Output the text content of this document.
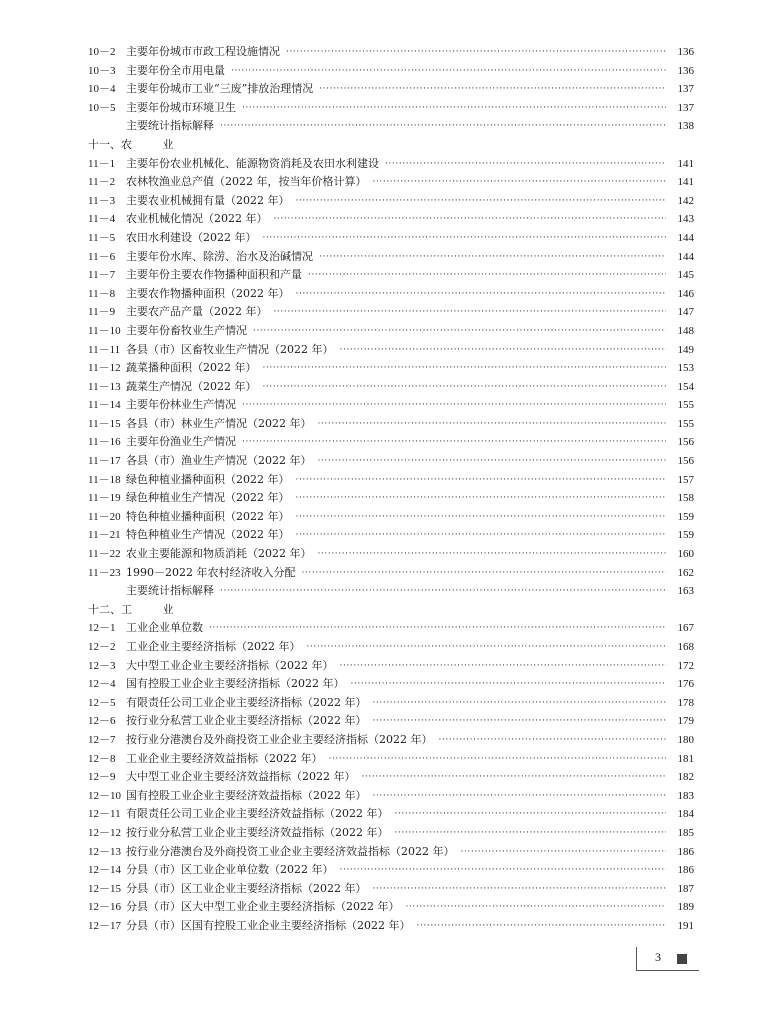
10－2 主要年份城市市政工程设施情况 ·····	136
10－3 主要年份全市用电量 ·····	136
10－4 主要年份城市工业“三废”排放治理情况 ·····	137
10－5 主要年份城市环境卫生 ·····	137
主要统计指标解释 ·····	138
十一、 农	业
11－1 主要年份农业机械化、能源物资消耗及农田水利建设 ·····	141
11－2 农林牧渔业总产值（2022 年，按当年价格计算） ·····	141
11－3 主要农业机械拥有量（2022 年） ·····	142
11－4 农业机械化情况（2022 年） ·····	143
11－5 农田水利建设（2022 年） ·····	144
11－6 主要年份水库、除涝、治水及治碱情况 ·····	144
11－7 主要年份主要农作物播种面积和产量 ·····	145
11－8 主要农作物播种面积（2022 年） ·····	146
11－9 主要农产品产量（2022 年） ·····	147
11－10 主要年份畜牧业生产情况 ·····	148
11－11 各县（市）区畜牧业生产情况（2022 年） ·····	149
11－12 蔬菜播种面积（2022 年） ·····	153
11－13 蔬菜生产情况（2022 年） ·····	154
11－14 主要年份林业生产情况 ·····	155
11－15 各县（市）林业生产情况（2022 年） ·····	155
11－16 主要年份渔业生产情况 ·····	156
11－17 各县（市）渔业生产情况（2022 年） ·····	156
11－18 绿色种植业播种面积（2022 年） ·····	157
11－19 绿色种植业生产情况（2022 年） ·····	158
11－20 特色种植业播种面积（2022 年） ·····	159
11－21 特色种植业生产情况（2022 年） ·····	159
11－22 农业主要能源和物质消耗（2022 年） ·····	160
11－23 1990－2022 年农村经济收入分配 ·····	162
主要统计指标解释 ·····	163
十二、 工	业
12－1 工业企业单位数 ·····	167
12－2 工业企业主要经济指标（2022 年） ·····	168
12－3 大中型工业企业主要经济指标（2022 年） ·····	172
12－4 国有控股工业企业主要经济指标（2022 年） ·····	176
12－5 有限责任公司工业企业主要经济指标（2022 年） ·····	178
12－6 按行业分私营工业企业主要经济指标（2022 年） ·····	179
12－7 按行业分港澳台及外商投资工业企业主要经济指标（2022 年） ·····	180
12－8 工业企业主要经济效益指标（2022 年） ·····	181
12－9 大中型工业企业主要经济效益指标（2022 年） ·····	182
12－10 国有控股工业企业主要经济效益指标（2022 年） ·····	183
12－11 有限责任公司工业企业主要经济效益指标（2022 年） ·····	184
12－12 按行业分私营工业企业主要经济效益指标（2022 年） ·····	185
12－13 按行业分港澳台及外商投资工业企业主要经济效益指标（2022 年） ·····	186
12－14 分县（市）区工业企业单位数（2022 年） ·····	186
12－15 分县（市）区工业企业主要经济指标（2022 年） ·····	187
12－16 分县（市）区大中型工业企业主要经济指标（2022 年） ·····	189
12－17 分县（市）区国有控股工业企业主要经济指标（2022 年） ·····	191
3
